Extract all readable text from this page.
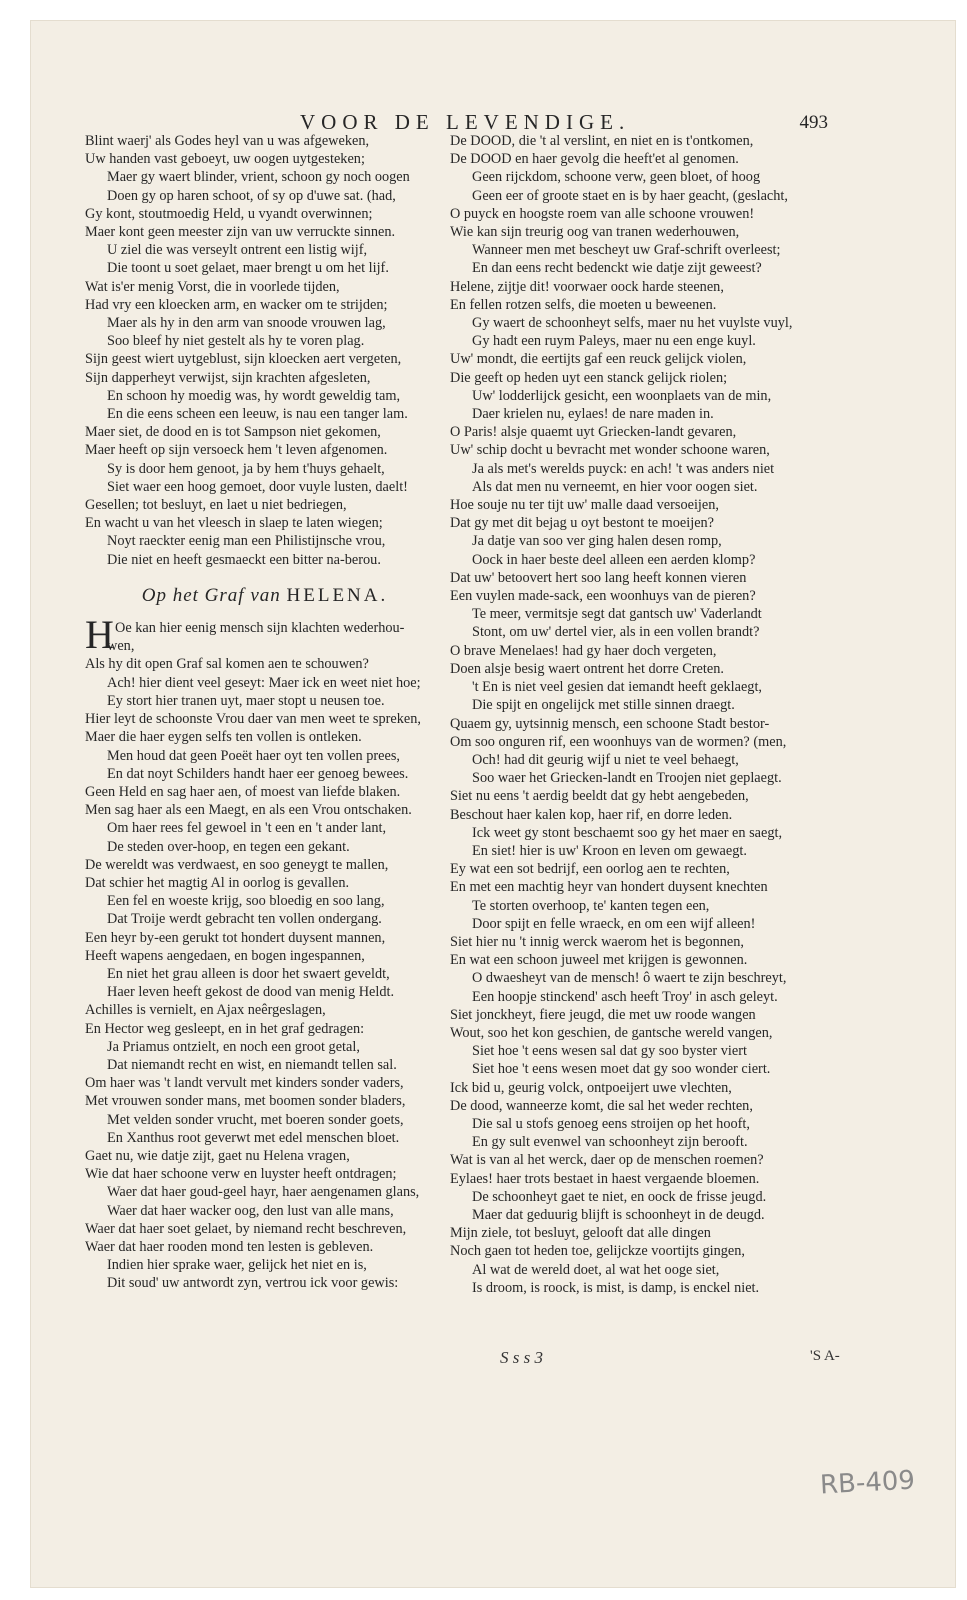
VOOR DE LEVENDIGE.	493
Blint waerj' als Godes heyl van u was afgeweken,
Uw handen vast geboeyt, uw oogen uytgesteken;
Maer gy waert blinder, vrient, schoon gy noch oogen
Doen gy op haren schoot, of sy op d'uwe sat. (had,
Gy kont, stoutmoedig Held, u vyandt overwinnen;
Maer kont geen meester zijn van uw verruckte sinnen.
U ziel die was verseylt ontrent een listig wijf,
Die toont u soet gelaet, maer brengt u om het lijf.
Wat is'er menig Vorst, die in voorlede tijden,
Had vry een kloecken arm, en wacker om te strijden;
Maer als hy in den arm van snoode vrouwen lag,
Soo bleef hy niet gestelt als hy te voren plag.
Sijn geest wiert uytgeblust, sijn kloecken aert vergeten,
Sijn dapperheyt verwijst, sijn krachten afgesleten,
En schoon hy moedig was, hy wordt geweldig tam,
En die eens scheen een leeuw, is nau een tanger lam.
Maer siet, de dood en is tot Sampson niet gekomen,
Maer heeft op sijn versoeck hem 't leven afgenomen.
Sy is door hem genoot, ja by hem t'huys gehaelt,
Siet waer een hoog gemoet, door vuyle lusten, daelt!
Gesellen; tot besluyt, en laet u niet bedriegen,
En wacht u van het vleesch in slaep te laten wiegen;
Noyt raeckter eenig man een Philistijnsche vrou,
Die niet en heeft gesmaeckt een bitter na-berou.
Op het Graf van HELENA.
H Oe kan hier eenig mensch sijn klachten wederhou-
wen,
Als hy dit open Graf sal komen aen te schouwen?
Ach! hier dient veel geseyt: Maer ick en weet niet hoe;
Ey stort hier tranen uyt, maer stopt u neusen toe.
Hier leyt de schoonste Vrou daer van men weet te spreken,
Maer die haer eygen selfs ten vollen is ontleken.
Men houd dat geen Poeët haer oyt ten vollen prees,
En dat noyt Schilders handt haer eer genoeg bewees.
Geen Held en sag haer aen, of moest van liefde blaken.
Men sag haer als een Maegt, en als een Vrou ontschaken.
Om haer rees fel gewoel in 't een en 't ander lant,
De steden over-hoop, en tegen een gekant.
De wereldt was verdwaest, en soo geneygt te mallen,
Dat schier het magtig Al in oorlog is gevallen.
Een fel en woeste krijg, soo bloedig en soo lang,
Dat Troije werdt gebracht ten vollen ondergang.
Een heyr by-een gerukt tot hondert duysent mannen,
Heeft wapens aengedaen, en bogen ingespannen,
En niet het grau alleen is door het swaert geveldt,
Haer leven heeft gekost de dood van menig Heldt.
Achilles is vernielt, en Ajax neêrgeslagen,
En Hector weg gesleept, en in het graf gedragen:
Ja Priamus ontzielt, en noch een groot getal,
Dat niemandt recht en wist, en niemandt tellen sal.
Om haer was 't landt vervult met kinders sonder vaders,
Met vrouwen sonder mans, met boomen sonder bladers,
Met velden sonder vrucht, met boeren sonder goets,
En Xanthus root geverwt met edel menschen bloet.
Gaet nu, wie datje zijt, gaet nu Helena vragen,
Wie dat haer schoone verw en luyster heeft ontdragen;
Waer dat haer goud-geel hayr, haer aengenamen glans,
Waer dat haer wacker oog, den lust van alle mans,
Waer dat haer soet gelaet, by niemand recht beschreven,
Waer dat haer rooden mond ten lesten is gebleven.
Indien hier sprake waer, gelijck het niet en is,
Dit soud' uw antwordt zyn, vertrou ick voor gewis:
De DOOD, die 't al verslint, en niet en is t'ontkomen,
De DOOD en haer gevolg die heeft'et al genomen.
Geen rijckdom, schoone verw, geen bloet, of hoog
Geen eer of groote staet en is by haer geacht, (geslacht,
O puyck en hoogste roem van alle schoone vrouwen!
Wie kan sijn treurig oog van tranen wederhouwen,
Wanneer men met bescheyt uw Graf-schrift overleest;
En dan eens recht bedenckt wie datje zijt geweest?
Helene, zijtje dit! voorwaer oock harde steenen,
En fellen rotzen selfs, die moeten u beweenen.
Gy waert de schoonheyt selfs, maer nu het vuylste vuyl,
Gy hadt een ruym Paleys, maer nu een enge kuyl.
Uw' mondt, die eertijts gaf een reuck gelijck violen,
Die geeft op heden uyt een stanck gelijck riolen;
Uw' lodderlijck gesicht, een woonplaets van de min,
Daer krielen nu, eylaes! de nare maden in.
O Paris! alsje quaemt uyt Griecken-landt gevaren,
Uw' schip docht u bevracht met wonder schoone waren,
Ja als met's werelds puyck: en ach! 't was anders niet
Als dat men nu verneemt, en hier voor oogen siet.
Hoe souje nu ter tijt uw' malle daad versoeijen,
Dat gy met dit bejag u oyt bestont te moeijen?
Ja datje van soo ver ging halen desen romp,
Oock in haer beste deel alleen een aerden klomp?
Dat uw' betoovert hert soo lang heeft konnen vieren
Een vuylen made-sack, een woonhuys van de pieren?
Te meer, vermitsje segt dat gantsch uw' Vaderlandt
Stont, om uw' dertel vier, als in een vollen brandt?
O brave Menelaes! had gy haer doch vergeten,
Doen alsje besig waert ontrent het dorre Creten.
't En is niet veel gesien dat iemandt heeft geklaegt,
Die spijt en ongelijck met stille sinnen draegt.
Quaem gy, uytsinnig mensch, een schoone Stadt bestor-
Om soo onguren rif, een woonhuys van de wormen? (men,
Och! had dit geurig wijf u niet te veel behaegt,
Soo waer het Griecken-landt en Troojen niet geplaegt.
Siet nu eens 't aerdig beeldt dat gy hebt aengebeden,
Beschout haer kalen kop, haer rif, en dorre leden.
Ick weet gy stont beschaemt soo gy het maer en saegt,
En siet! hier is uw' Kroon en leven om gewaegt.
Ey wat een sot bedrijf, een oorlog aen te rechten,
En met een machtig heyr van hondert duysent knechten
Te storten overhoop, te' kanten tegen een,
Door spijt en felle wraeck, en om een wijf alleen!
Siet hier nu 't innig werck waerom het is begonnen,
En wat een schoon juweel met krijgen is gewonnen.
O dwaesheyt van de mensch! ô waert te zijn beschreyt,
Een hoopje stinckend' asch heeft Troy' in asch geleyt.
Siet jonckheyt, fiere jeugd, die met uw roode wangen
Wout, soo het kon geschien, de gantsche wereld vangen,
Siet hoe 't eens wesen sal dat gy soo byster viert
Siet hoe 't eens wesen moet dat gy soo wonder ciert.
Ick bid u, geurig volck, ontpoeijert uwe vlechten,
De dood, wanneerze komt, die sal het weder rechten,
Die sal u stofs genoeg eens stroijen op het hooft,
En gy sult evenwel van schoonheyt zijn berooft.
Wat is van al het werck, daer op de menschen roemen?
Eylaes! haer trots bestaet in haest vergaende bloemen.
De schoonheyt gaet te niet, en oock de frisse jeugd.
Maer dat geduurig blijft is schoonheyt in de deugd.
Mijn ziele, tot besluyt, gelooft dat alle dingen
Noch gaen tot heden toe, gelijckze voortijts gingen,
Al wat de wereld doet, al wat het ooge siet,
Is droom, is roock, is mist, is damp, is enckel niet.
S s s 3	'S A-
RB-409
